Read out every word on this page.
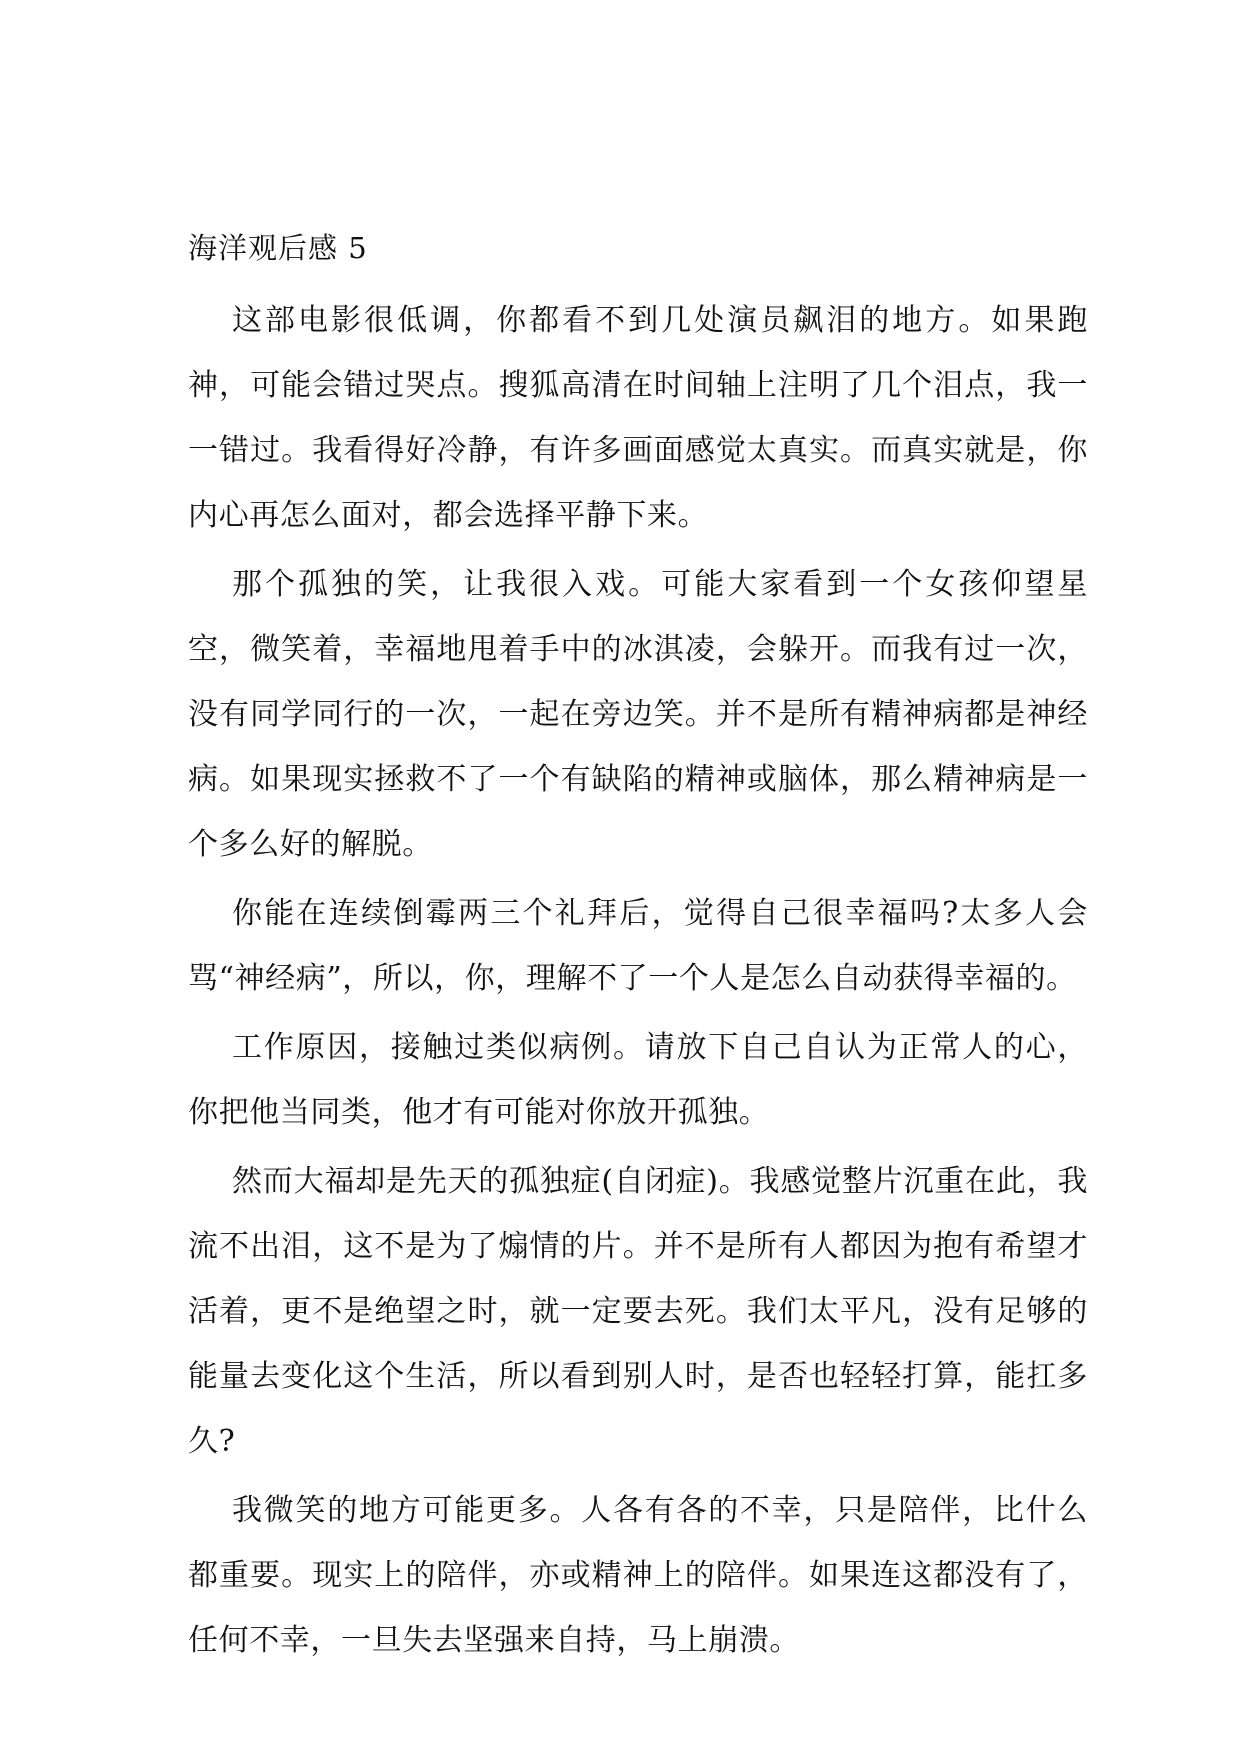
海洋观后感 5

这部电影很低调，你都看不到几处演员飙泪的地方。如果跑神，可能会错过哭点。搜狐高清在时间轴上注明了几个泪点，我一一错过。我看得好冷静，有许多画面感觉太真实。而真实就是，你内心再怎么面对，都会选择平静下来。

那个孤独的笑，让我很入戏。可能大家看到一个女孩仰望星空，微笑着，幸福地甩着手中的冰淇凌，会躲开。而我有过一次，没有同学同行的一次，一起在旁边笑。并不是所有精神病都是神经病。如果现实拯救不了一个有缺陷的精神或脑体，那么精神病是一个多么好的解脱。

你能在连续倒霉两三个礼拜后，觉得自己很幸福吗?太多人会骂“神经病”，所以，你，理解不了一个人是怎么自动获得幸福的。

工作原因，接触过类似病例。请放下自己自认为正常人的心，你把他当同类，他才有可能对你放开孤独。

然而大福却是先天的孤独症(自闭症)。我感觉整片沉重在此，我流不出泪，这不是为了煽情的片。并不是所有人都因为抱有希望才活着，更不是绝望之时，就一定要去死。我们太平凡，没有足够的能量去变化这个生活，所以看到别人时，是否也轻轻打算，能扛多久?

我微笑的地方可能更多。人各有各的不幸，只是陪伴，比什么都重要。现实上的陪伴，亦或精神上的陪伴。如果连这都没有了，任何不幸，一旦失去坚强来自持，马上崩溃。
